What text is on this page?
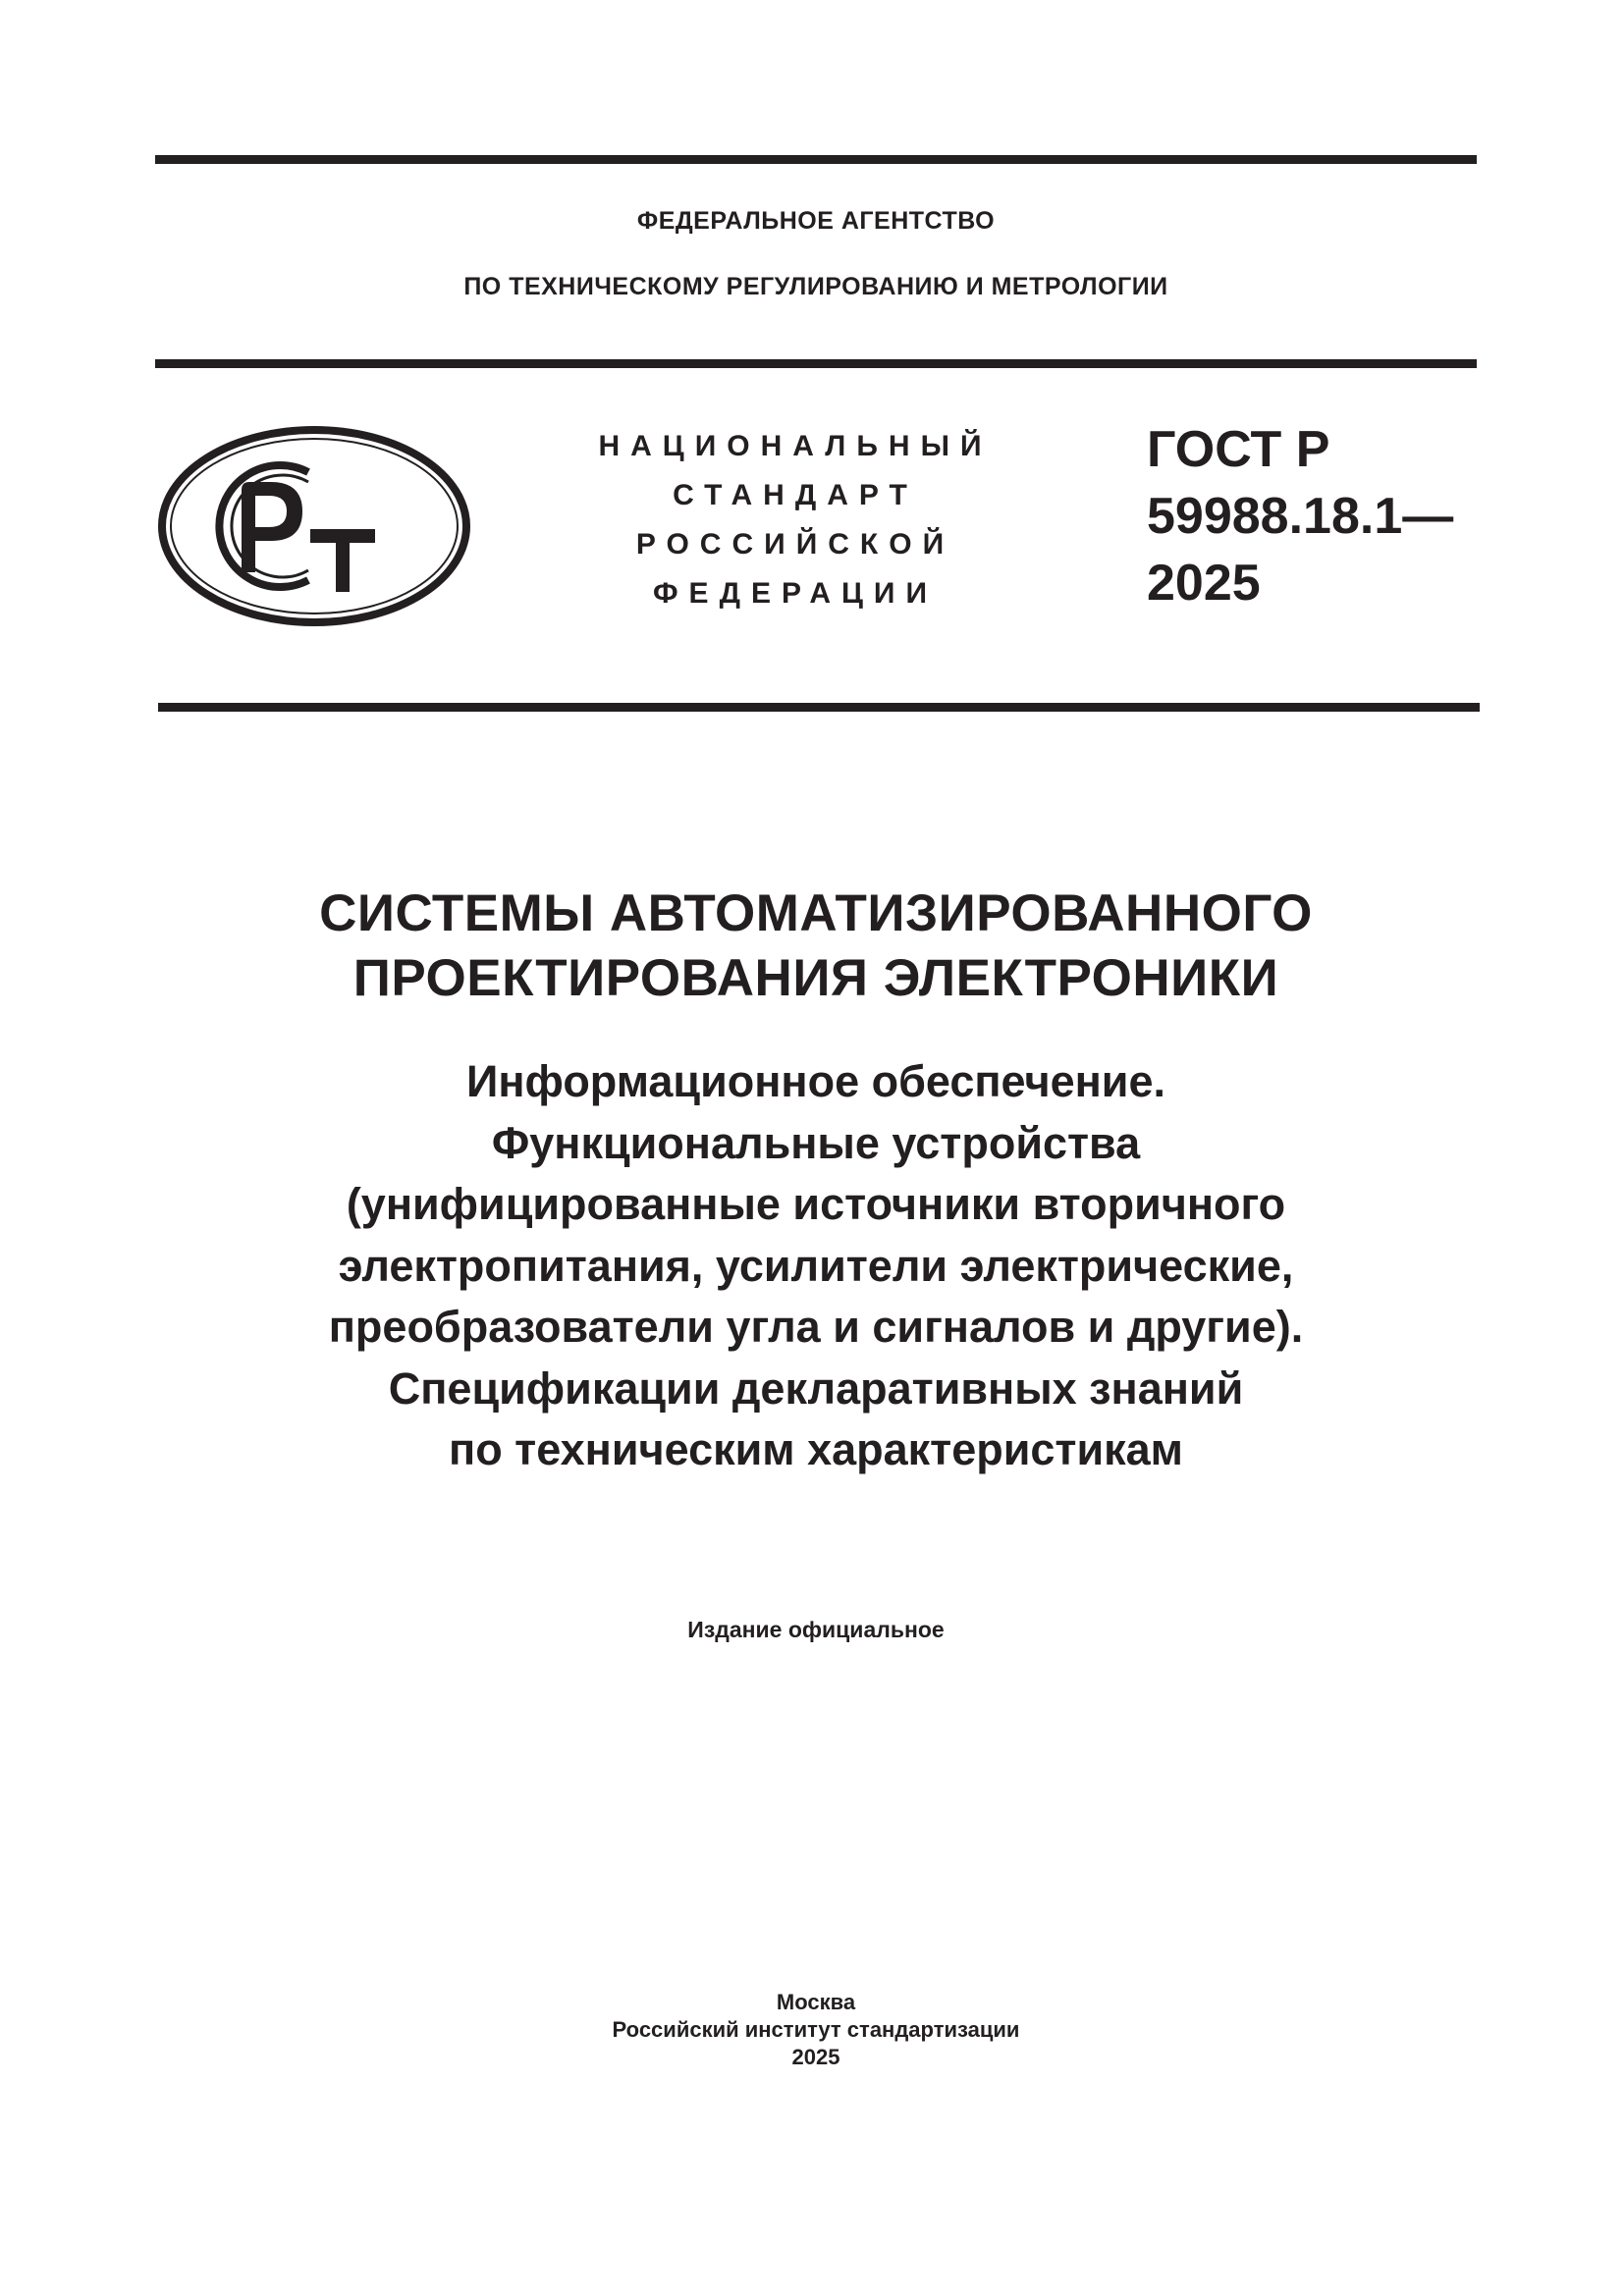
ФЕДЕРАЛЬНОЕ АГЕНТСТВО
ПО ТЕХНИЧЕСКОМУ РЕГУЛИРОВАНИЮ И МЕТРОЛОГИИ
НАЦИОНАЛЬНЫЙ
СТАНДАРТ
РОССИЙСКОЙ
ФЕДЕРАЦИИ
ГОСТ Р
59988.18.1—
2025
СИСТЕМЫ АВТОМАТИЗИРОВАННОГО
ПРОЕКТИРОВАНИЯ ЭЛЕКТРОНИКИ
Информационное обеспечение.
Функциональные устройства
(унифицированные источники вторичного
электропитания, усилители электрические,
преобразователи угла и сигналов и другие).
Спецификации декларативных знаний
по техническим характеристикам
Издание официальное
Москва
Российский институт стандартизации
2025
